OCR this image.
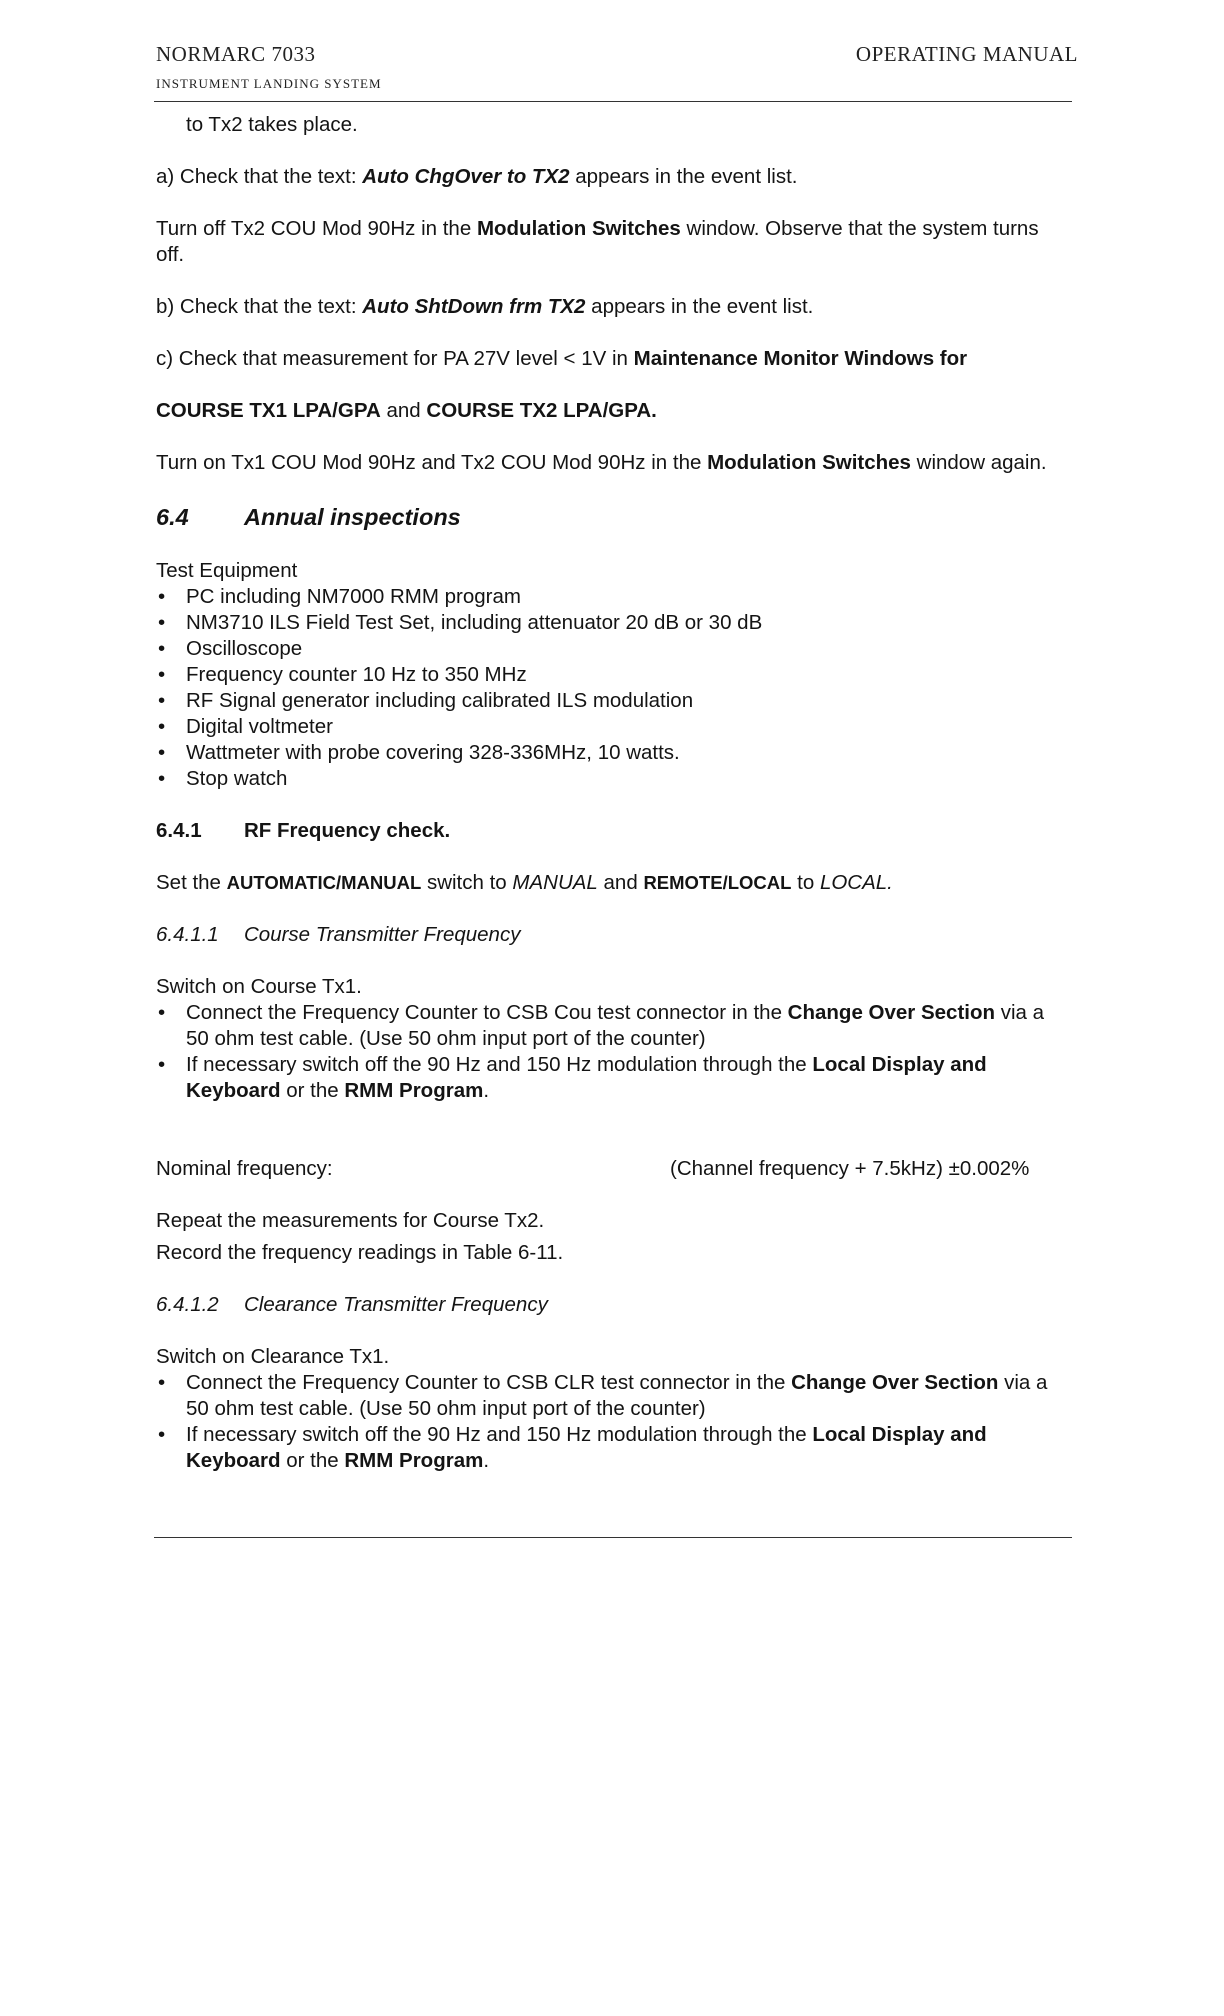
NORMARC 7033
INSTRUMENT LANDING SYSTEM
OPERATING MANUAL

to Tx2 takes place.

a) Check that the text: Auto ChgOver to TX2 appears in the event list.

Turn off Tx2 COU Mod 90Hz in the Modulation Switches window. Observe that the system turns off.

b) Check that the text: Auto ShtDown frm TX2 appears in the event list.

c) Check that measurement for PA 27V level < 1V in Maintenance Monitor Windows for

COURSE TX1 LPA/GPA and COURSE TX2 LPA/GPA.

Turn on Tx1 COU Mod 90Hz and Tx2 COU Mod 90Hz in the Modulation Switches window again.

6.4 Annual inspections

Test Equipment

• PC including NM7000 RMM program
• NM3710 ILS Field Test Set, including attenuator 20 dB or 30 dB
• Oscilloscope
• Frequency counter 10 Hz to 350 MHz
• RF Signal generator including calibrated ILS modulation
• Digital voltmeter
• Wattmeter with probe covering 328-336MHz, 10 watts.
• Stop watch
6.4.1 RF Frequency check.

Set the AUTOMATIC/MANUAL switch to MANUAL and REMOTE/LOCAL to LOCAL.

6.4.1.1 Course Transmitter Frequency

Switch on Course Tx1.

• Connect the Frequency Counter to CSB Cou test connector in the Change Over Section via a 50 ohm test cable. (Use 50 ohm input port of the counter)
• If necessary switch off the 90 Hz and 150 Hz modulation through the Local Display and Keyboard or the RMM Program.
Nominal frequency:	(Channel frequency + 7.5kHz) ±0.002%

Repeat the measurements for Course Tx2.

Record the frequency readings in Table 6-11.

6.4.1.2 Clearance Transmitter Frequency

Switch on Clearance Tx1.

• Connect the Frequency Counter to CSB CLR test connector in the Change Over Section via a 50 ohm test cable. (Use 50 ohm input port of the counter)
• If necessary switch off the 90 Hz and 150 Hz modulation through the Local Display and Keyboard or the RMM Program.
